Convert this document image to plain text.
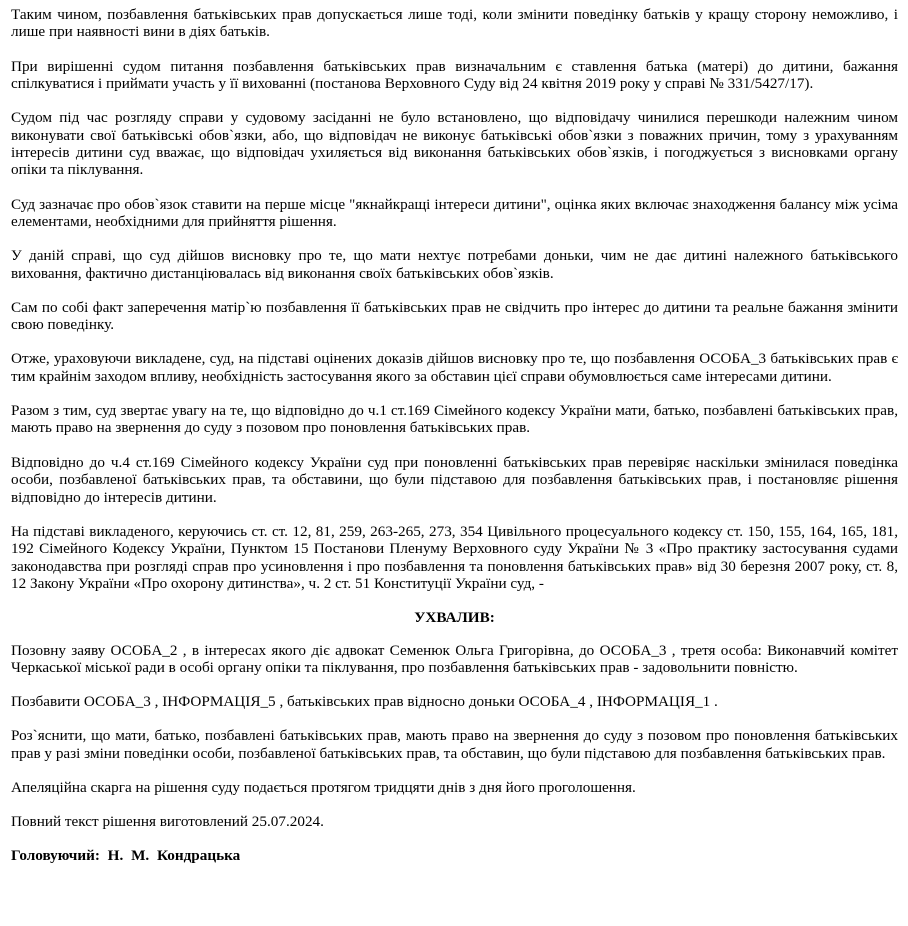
Таким чином, позбавлення батьківських прав допускається лише тоді, коли змінити поведінку батьків у кращу сторону неможливо, і лише при наявності вини в діях батьків.

При вирішенні судом питання позбавлення батьківських прав визначальним є ставлення батька (матері) до дитини, бажання спілкуватися і приймати участь у її вихованні (постанова Верховного Суду від 24 квітня 2019 року у справі № 331/5427/17).

Судом під час розгляду справи у судовому засіданні не було встановлено, що відповідачу чинилися перешкоди належним чином виконувати свої батьківські обов`язки, або, що відповідач не виконує батьківські обов`язки з поважних причин, тому з урахуванням інтересів дитини суд вважає, що відповідач ухиляється від виконання батьківських обов`язків, і погоджується з висновками органу опіки та піклування.

Суд зазначає про обов`язок ставити на перше місце "якнайкращі інтереси дитини", оцінка яких включає знаходження балансу між усіма елементами, необхідними для прийняття рішення.

У даній справі, що суд дійшов висновку про те, що мати нехтує потребами доньки, чим не дає дитині належного батьківського виховання, фактично дистанціювалась від виконання своїх батьківських обов`язків.

Сам по собі факт заперечення матір`ю позбавлення її батьківських прав не свідчить про інтерес до дитини та реальне бажання змінити свою поведінку.

Отже, ураховуючи викладене, суд, на підставі оцінених доказів дійшов висновку про те, що позбавлення ОСОБА_3 батьківських прав є тим крайнім заходом впливу, необхідність застосування якого за обставин цієї справи обумовлюється саме інтересами дитини.

Разом з тим, суд звертає увагу на те, що відповідно до ч.1 ст.169 Сімейного кодексу України мати, батько, позбавлені батьківських прав, мають право на звернення до суду з позовом про поновлення батьківських прав.

Відповідно до ч.4 ст.169 Сімейного кодексу України суд при поновленні батьківських прав перевіряє наскільки змінилася поведінка особи, позбавленої батьківських прав, та обставини, що були підставою для позбавлення батьківських прав, і постановляє рішення відповідно до інтересів дитини.

На підставі викладеного, керуючись ст. ст. 12, 81, 259, 263-265, 273, 354 Цивільного процесуального кодексу ст. 150, 155, 164, 165, 181, 192 Сімейного Кодексу України, Пунктом 15 Постанови Пленуму Верховного суду України № 3 «Про практику застосування судами законодавства при розгляді справ про усиновлення і про позбавлення та поновлення батьківських прав» від 30 березня 2007 року, ст. 8, 12 Закону України «Про охорону дитинства», ч. 2 ст. 51 Конституції України суд, -

УХВАЛИВ:

Позовну заяву ОСОБА_2 , в інтересах якого діє адвокат Семенюк Ольга Григорівна, до ОСОБА_3 , третя особа: Виконавчий комітет Черкаської міської ради в особі органу опіки та піклування, про позбавлення батьківських прав - задовольнити повністю.

Позбавити ОСОБА_3 , ІНФОРМАЦІЯ_5 , батьківських прав відносно доньки ОСОБА_4 , ІНФОРМАЦІЯ_1 .

Роз`яснити, що мати, батько, позбавлені батьківських прав, мають право на звернення до суду з позовом про поновлення батьківських прав у разі зміни поведінки особи, позбавленої батьківських прав, та обставин, що були підставою для позбавлення батьківських прав.

Апеляційна скарга на рішення суду подається протягом тридцяти днів з дня його проголошення.

Повний текст рішення виготовлений 25.07.2024.

Головуючий: Н. М. Кондрацька
